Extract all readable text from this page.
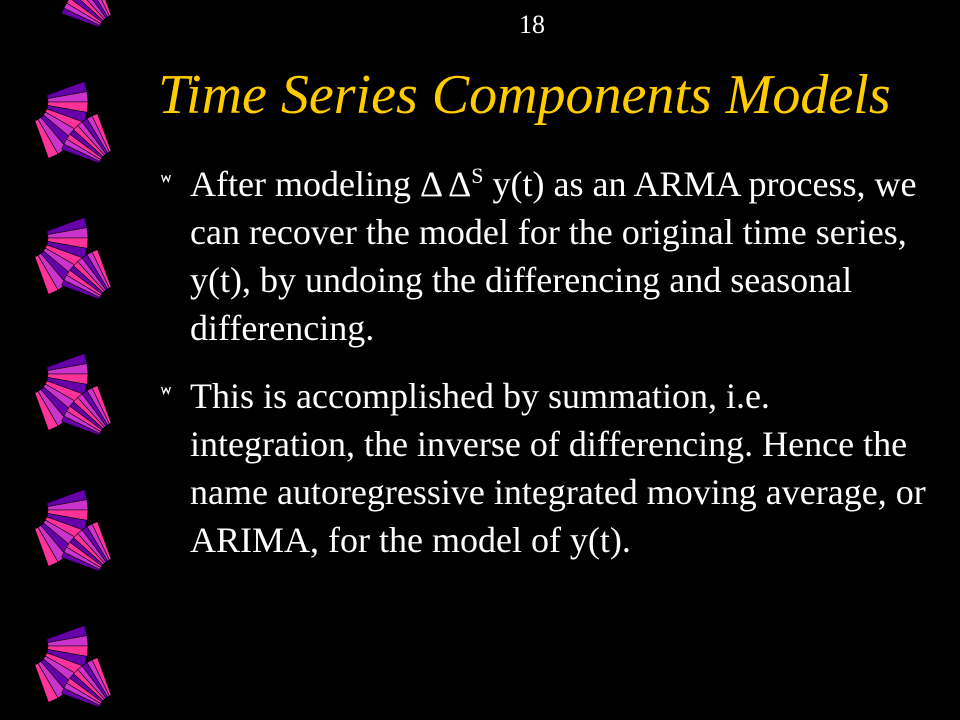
18
Time Series Components Models
After modeling Δ $\Delta^S$ y(t) as an ARMA process, we can recover the model for the original time series, y(t), by undoing the differencing and seasonal differencing.
This is accomplished by summation, i.e. integration, the inverse of differencing. Hence the name autoregressive integrated moving average, or ARIMA, for the model of y(t).
